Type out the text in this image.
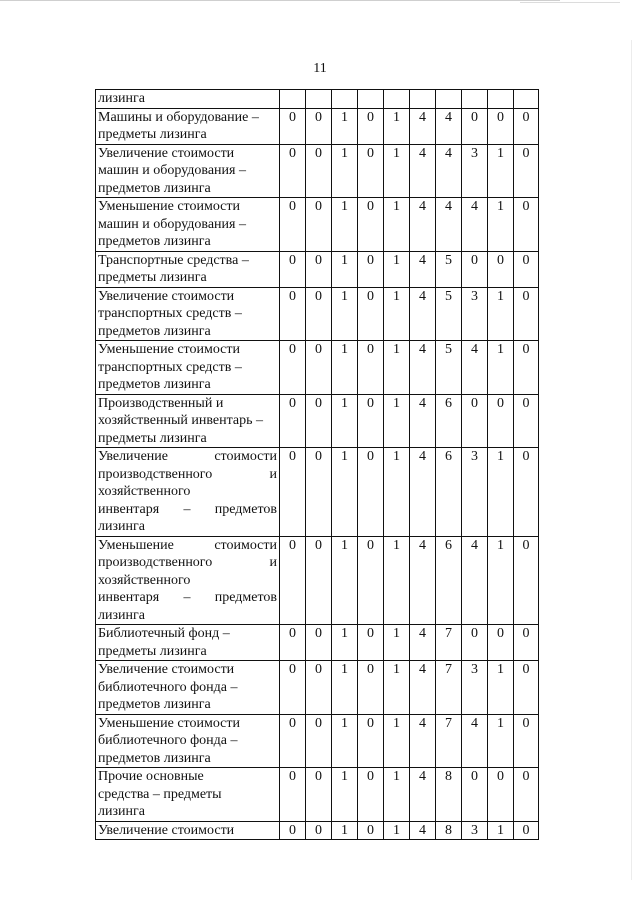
11
лизинга										

Машины и оборудование –
предметы лизинга	0	0	1	0	1	4	4	0	0	0

Увеличение стоимости
машин и оборудования –
предметов лизинга	0	0	1	0	1	4	4	3	1	0

Уменьшение стоимости
машин и оборудования –
предметов лизинга	0	0	1	0	1	4	4	4	1	0

Транспортные средства –
предметы лизинга	0	0	1	0	1	4	5	0	0	0

Увеличение стоимости
транспортных средств –
предметов лизинга	0	0	1	0	1	4	5	3	1	0

Уменьшение стоимости
транспортных средств –
предметов лизинга	0	0	1	0	1	4	5	4	1	0

Производственный и
хозяйственный инвентарь –
предметы лизинга	0	0	1	0	1	4	6	0	0	0

Увеличение стоимости
производственного и
хозяйственного
инвентаря – предметов
лизинга	0	0	1	0	1	4	6	3	1	0

Уменьшение стоимости
производственного и
хозяйственного
инвентаря – предметов
лизинга	0	0	1	0	1	4	6	4	1	0

Библиотечный фонд –
предметы лизинга	0	0	1	0	1	4	7	0	0	0

Увеличение стоимости
библиотечного фонда –
предметов лизинга	0	0	1	0	1	4	7	3	1	0

Уменьшение стоимости
библиотечного фонда –
предметов лизинга	0	0	1	0	1	4	7	4	1	0

Прочие основные
средства – предметы
лизинга	0	0	1	0	1	4	8	0	0	0

Увеличение стоимости	0	0	1	0	1	4	8	3	1	0
